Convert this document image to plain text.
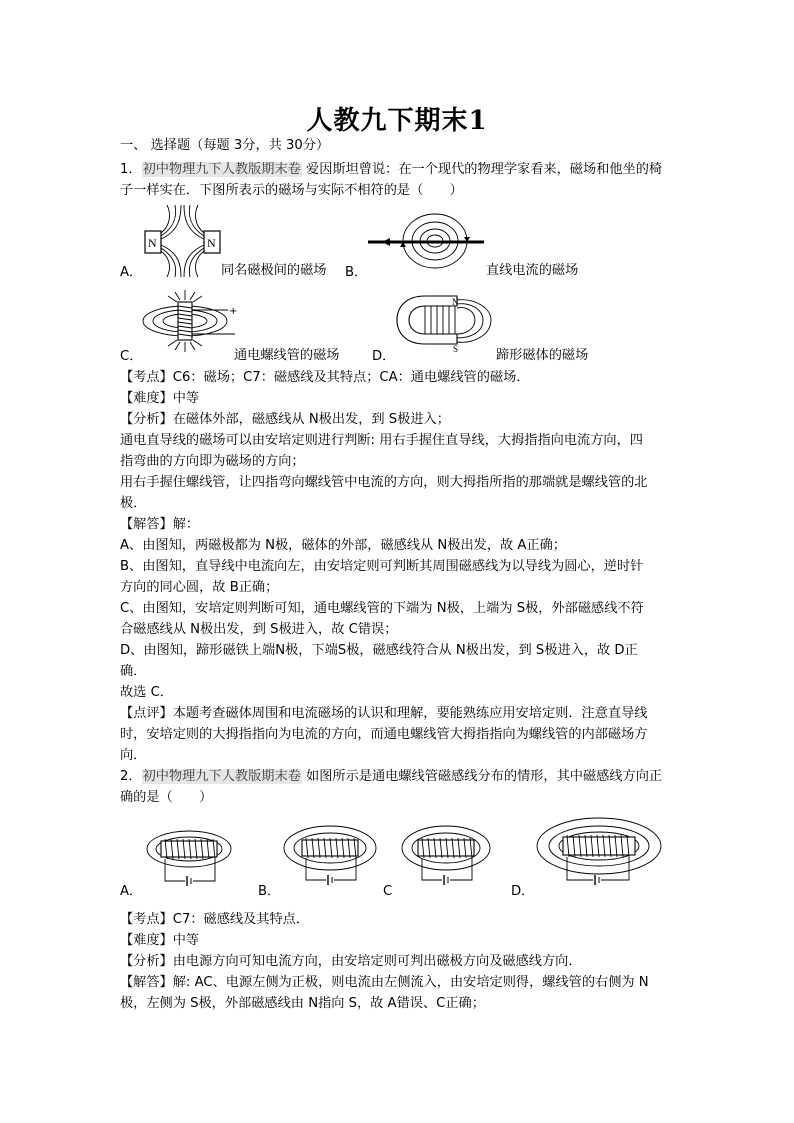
人教九下期末1
一、 选择题（每题 3分，共 30分）
1．初中物理九下人教版期末卷 爱因斯坦曾说：在一个现代的物理学家看来，磁场和他坐的椅
子一样实在．下图所表示的磁场与实际不相符的是（　　）
N	N
A．	同名磁极间的磁场 B．	直线电流的磁场
+
C．	通电螺线管的磁场
N
S
D．	蹄形磁体的磁场
【考点】C6：磁场；C7：磁感线及其特点；CA：通电螺线管的磁场．
【难度】中等
【分析】在磁体外部，磁感线从 N极出发，到 S极进入；
通电直导线的磁场可以由安培定则进行判断: 用右手握住直导线，大拇指指向电流方向，四
指弯曲的方向即为磁场的方向；
用右手握住螺线管，让四指弯向螺线管中电流的方向，则大拇指所指的那端就是螺线管的北
极．
【解答】解：
A、由图知，两磁极都为 N极，磁体的外部，磁感线从 N极出发，故 A正确；
B、由图知，直导线中电流向左，由安培定则可判断其周围磁感线为以导线为圆心，逆时针
方向的同心圆，故 B正确；
C、由图知，安培定则判断可知，通电螺线管的下端为 N极，上端为 S极，外部磁感线不符
合磁感线从 N极出发，到 S极进入，故 C错误；
D、由图知，蹄形磁铁上端N极，下端S极，磁感线符合从 N极出发，到 S极进入，故 D正
确．
故选 C．
【点评】本题考查磁体周围和电流磁场的认识和理解，要能熟练应用安培定则．注意直导线
时，安培定则的大拇指指向为电流的方向，而通电螺线管大拇指指向为螺线管的内部磁场方
向．
2．初中物理九下人教版期末卷 如图所示是通电螺线管磁感线分布的情形，其中磁感线方向正
确的是（　　）
A．	B．	C	D．
【考点】C7：磁感线及其特点．
【难度】中等
【分析】由电源方向可知电流方向，由安培定则可判出磁极方向及磁感线方向．
【解答】解: AC、电源左侧为正极，则电流由左侧流入，由安培定则得，螺线管的右侧为 N
极，左侧为 S极，外部磁感线由 N指向 S，故 A错误、C正确；
